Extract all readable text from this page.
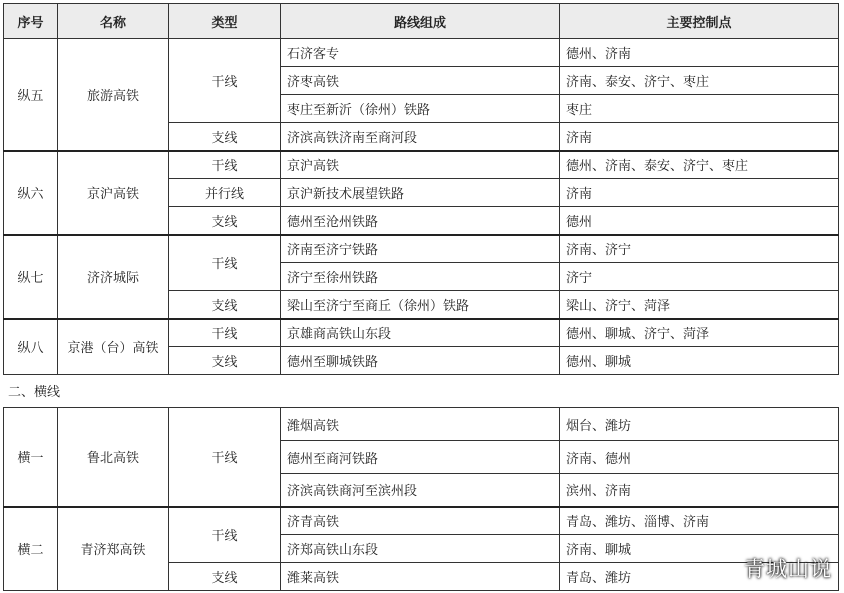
序号	名称	类型	路线组成	主要控制点
纵五	旅游高铁	干线	石济客专	德州、济南
			济枣高铁	济南、泰安、济宁、枣庄
			枣庄至新沂（徐州）铁路	枣庄
		支线	济滨高铁济南至商河段	济南
纵六	京沪高铁	干线	京沪高铁	德州、济南、泰安、济宁、枣庄
		并行线	京沪新技术展望铁路	济南
		支线	德州至沧州铁路	德州
纵七	济济城际	干线	济南至济宁铁路	济南、济宁
			济宁至徐州铁路	济宁
		支线	梁山至济宁至商丘（徐州）铁路	梁山、济宁、菏泽
纵八	京港（台）高铁	干线	京雄商高铁山东段	德州、聊城、济宁、菏泽
		支线	德州至聊城铁路	德州、聊城
二、横线
横一	鲁北高铁	干线	潍烟高铁	烟台、潍坊
			德州至商河铁路	济南、德州
			济滨高铁商河至滨州段	滨州、济南
横二	青济郑高铁	干线	济青高铁	青岛、潍坊、淄博、济南
			济郑高铁山东段	济南、聊城
		支线	潍莱高铁	青岛、潍坊	青城山说
